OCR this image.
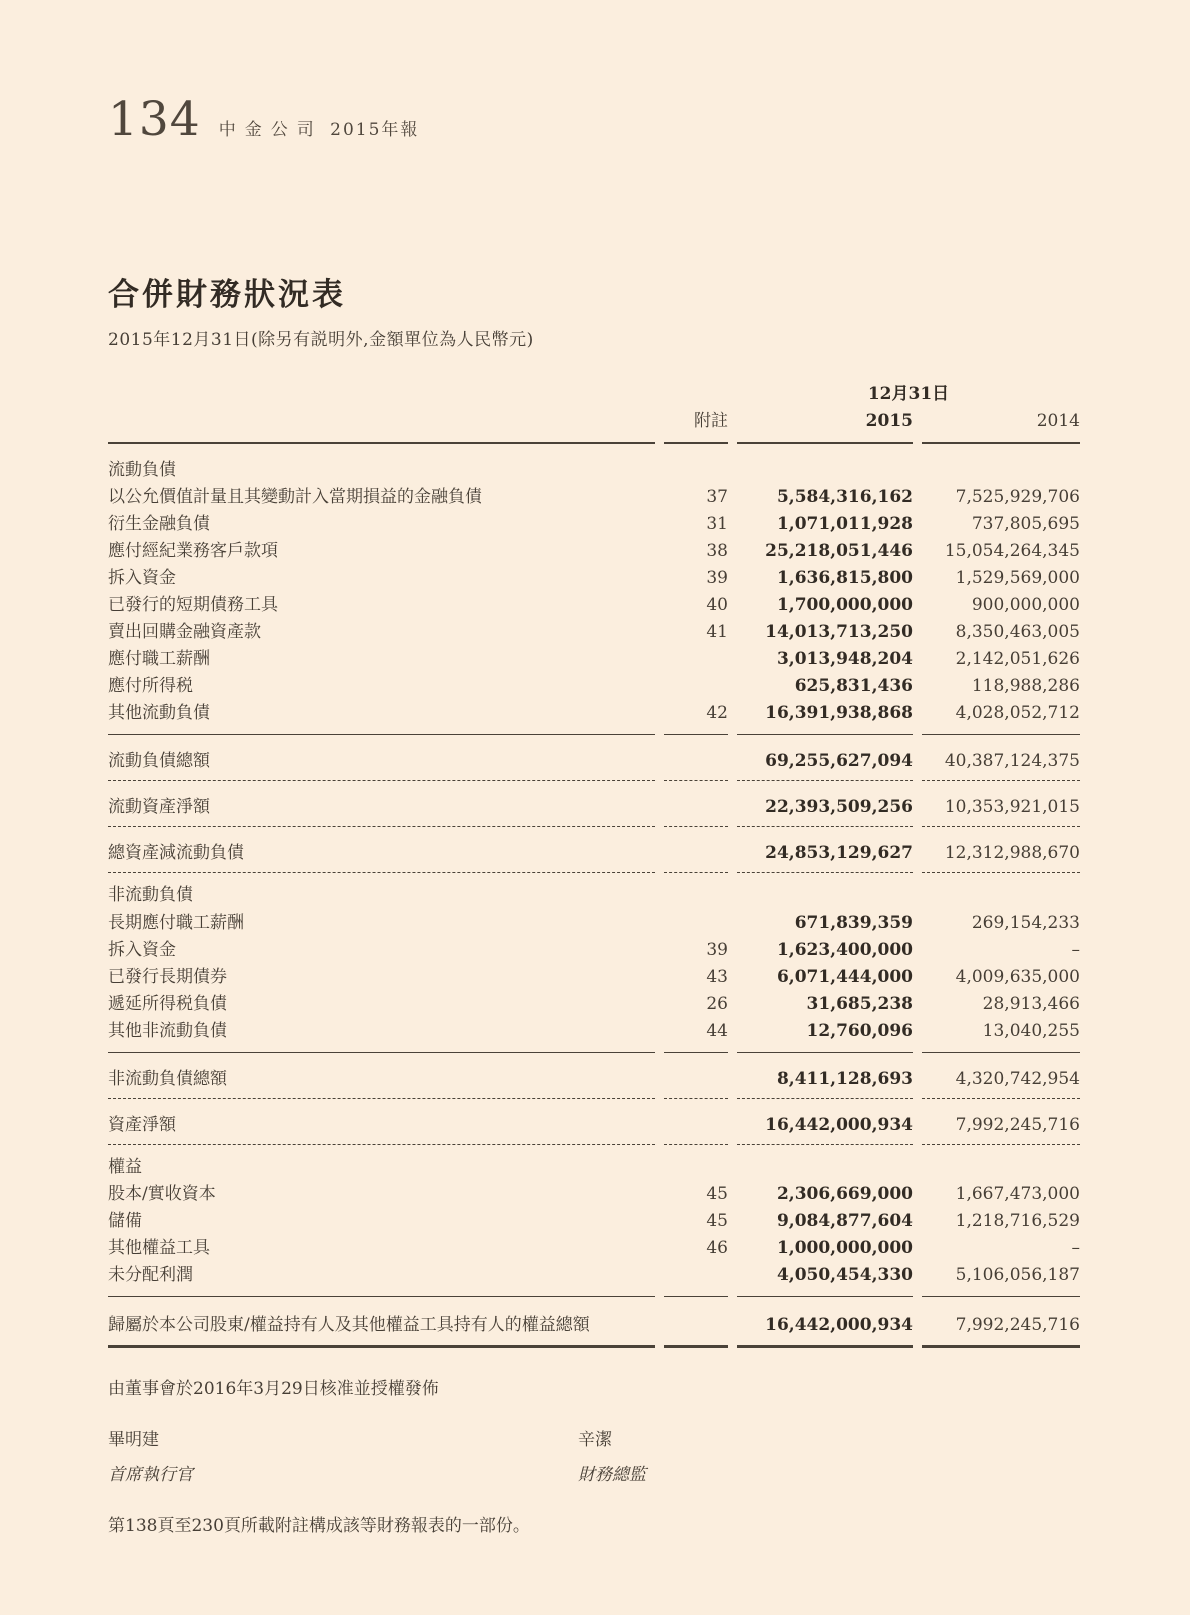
134 中金公司 2015年報
合併財務狀況表
2015年12月31日(除另有説明外,金額單位為人民幣元)
		12月31日	
	附註	2015	2014
流動負債			
以公允價值計量且其變動計入當期損益的金融負債	37	5,584,316,162	7,525,929,706
衍生金融負債	31	1,071,011,928	737,805,695
應付經紀業務客戶款項	38	25,218,051,446	15,054,264,345
拆入資金	39	1,636,815,800	1,529,569,000
已發行的短期債務工具	40	1,700,000,000	900,000,000
賣出回購金融資產款	41	14,013,713,250	8,350,463,005
應付職工薪酬		3,013,948,204	2,142,051,626
應付所得税		625,831,436	118,988,286
其他流動負債	42	16,391,938,868	4,028,052,712
流動負債總額		69,255,627,094	40,387,124,375
流動資產淨額		22,393,509,256	10,353,921,015
總資產減流動負債		24,853,129,627	12,312,988,670
非流動負債			
長期應付職工薪酬		671,839,359	269,154,233
拆入資金	39	1,623,400,000	–
已發行長期債券	43	6,071,444,000	4,009,635,000
遞延所得税負債	26	31,685,238	28,913,466
其他非流動負債	44	12,760,096	13,040,255
非流動負債總額		8,411,128,693	4,320,742,954
資產淨額		16,442,000,934	7,992,245,716
權益			
股本/實收資本	45	2,306,669,000	1,667,473,000
儲備	45	9,084,877,604	1,218,716,529
其他權益工具	46	1,000,000,000	–
未分配利潤		4,050,454,330	5,106,056,187
歸屬於本公司股東/權益持有人及其他權益工具持有人的權益總額		16,442,000,934	7,992,245,716
由董事會於2016年3月29日核准並授權發佈
畢明建
首席執行官
辛潔
財務總監
第138頁至230頁所載附註構成該等財務報表的一部份。
